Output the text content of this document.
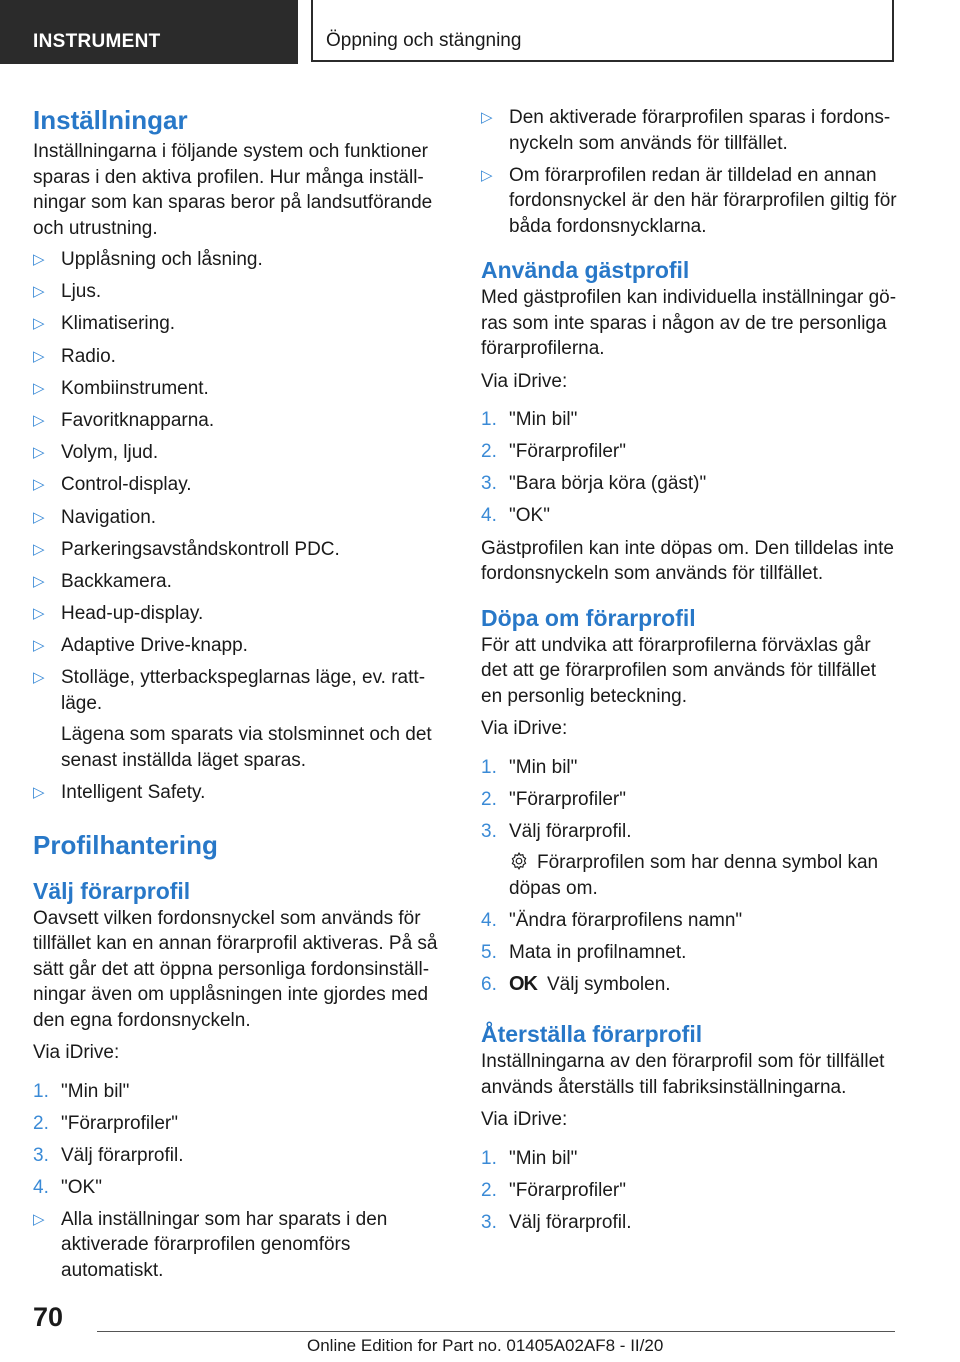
INSTRUMENT	Öppning och stängning
Inställningar

Inställningarna i följande system och funktioner sparas i den aktiva profilen. Hur många inställningar som kan sparas beror på landsutförande och utrustning.

▷ Upplåsning och låsning.
▷ Ljus.
▷ Klimatisering.
▷ Radio.
▷ Kombiinstrument.
▷ Favoritknapparna.
▷ Volym, ljud.
▷ Control-display.
▷ Navigation.
▷ Parkeringsavståndskontroll PDC.
▷ Backkamera.
▷ Head-up-display.
▷ Adaptive Drive-knapp.
▷ Stolläge, ytterbackspeglarnas läge, ev. rattläge.
Lägena som sparats via stolsminnet och det senast inställda läget sparas.
▷ Intelligent Safety.
Profilhantering
Välj förarprofil

Oavsett vilken fordonsnyckel som används för tillfället kan en annan förarprofil aktiveras. På så sätt går det att öppna personliga fordonsinställningar även om upplåsningen inte gjordes med den egna fordonsnyckeln.

Via iDrive:

1. "Min bil"
2. "Förarprofiler"
3. Välj förarprofil.
4. "OK"
▷ Alla inställningar som har sparats i den aktiverade förarprofilen genomförs automatiskt.
▷ Den aktiverade förarprofilen sparas i fordonsnyckeln som används för tillfället.
▷ Om förarprofilen redan är tilldelad en annan fordonsnyckel är den här förarprofilen giltig för båda fordonsnycklarna.
Använda gästprofil

Med gästprofilen kan individuella inställningar göras som inte sparas i någon av de tre personliga förarprofilerna.

Via iDrive:

1. "Min bil"
2. "Förarprofiler"
3. "Bara börja köra (gäst)"
4. "OK"

Gästprofilen kan inte döpas om. Den tilldelas inte fordonsnyckeln som används för tillfället.

Döpa om förarprofil

För att undvika att förarprofilerna förväxlas går det att ge förarprofilen som används för tillfället en personlig beteckning.

Via iDrive:

1. "Min bil"
2. "Förarprofiler"
3. Välj förarprofil.
Förarprofilen som har denna symbol kan döpas om.
4. "Ändra förarprofilens namn"
5. Mata in profilnamnet.
6. OK Välj symbolen.
Återställa förarprofil

Inställningarna av den förarprofil som för tillfället används återställs till fabriksinställningarna.

Via iDrive:

1. "Min bil"
2. "Förarprofiler"
3. Välj förarprofil.
70
Online Edition for Part no. 01405A02AF8 - II/20
